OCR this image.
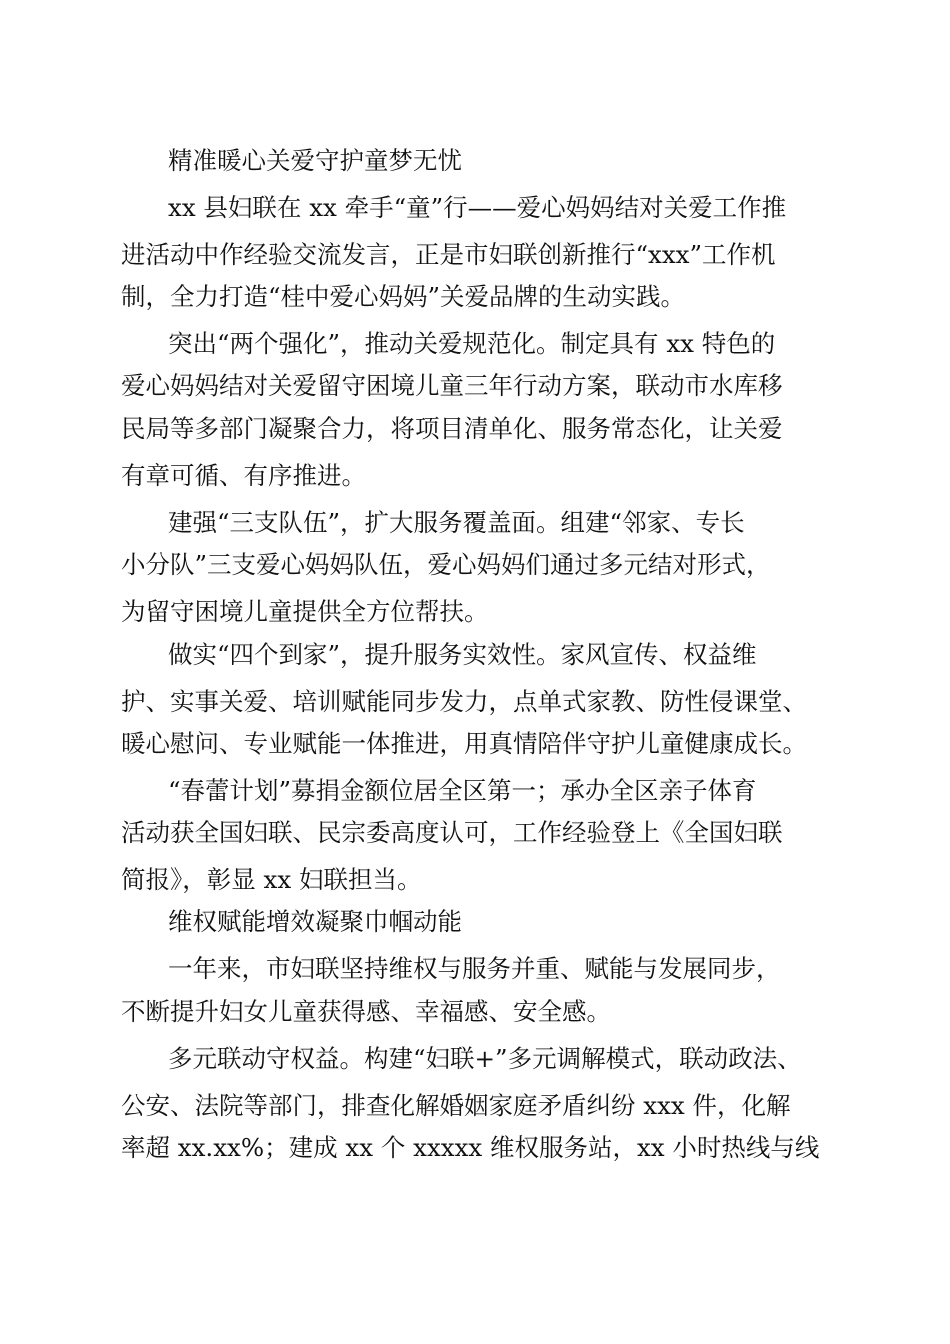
精准暖心关爱守护童梦无忧

xx 县妇联在 xx 牵手“童”行——爱心妈妈结对关爱工作推

进活动中作经验交流发言，正是市妇联创新推行“xxx”工作机

制，全力打造“桂中爱心妈妈”关爱品牌的生动实践。

突出“两个强化”，推动关爱规范化。制定具有 xx 特色的

爱心妈妈结对关爱留守困境儿童三年行动方案，联动市水库移

民局等多部门凝聚合力，将项目清单化、服务常态化，让关爱

有章可循、有序推进。

建强“三支队伍”，扩大服务覆盖面。组建“邻家、专长

小分队”三支爱心妈妈队伍，爱心妈妈们通过多元结对形式，

为留守困境儿童提供全方位帮扶。

做实“四个到家”，提升服务实效性。家风宣传、权益维

护、实事关爱、培训赋能同步发力，点单式家教、防性侵课堂、

暖心慰问、专业赋能一体推进，用真情陪伴守护儿童健康成长。

“春蕾计划”募捐金额位居全区第一；承办全区亲子体育

活动获全国妇联、民宗委高度认可，工作经验登上《全国妇联

简报》，彰显 xx 妇联担当。

维权赋能增效凝聚巾帼动能

一年来，市妇联坚持维权与服务并重、赋能与发展同步，

不断提升妇女儿童获得感、幸福感、安全感。

多元联动守权益。构建“妇联+”多元调解模式，联动政法、

公安、法院等部门，排查化解婚姻家庭矛盾纠纷 xxx 件，化解

率超 xx.xx%；建成 xx 个 xxxxx 维权服务站，xx 小时热线与线
